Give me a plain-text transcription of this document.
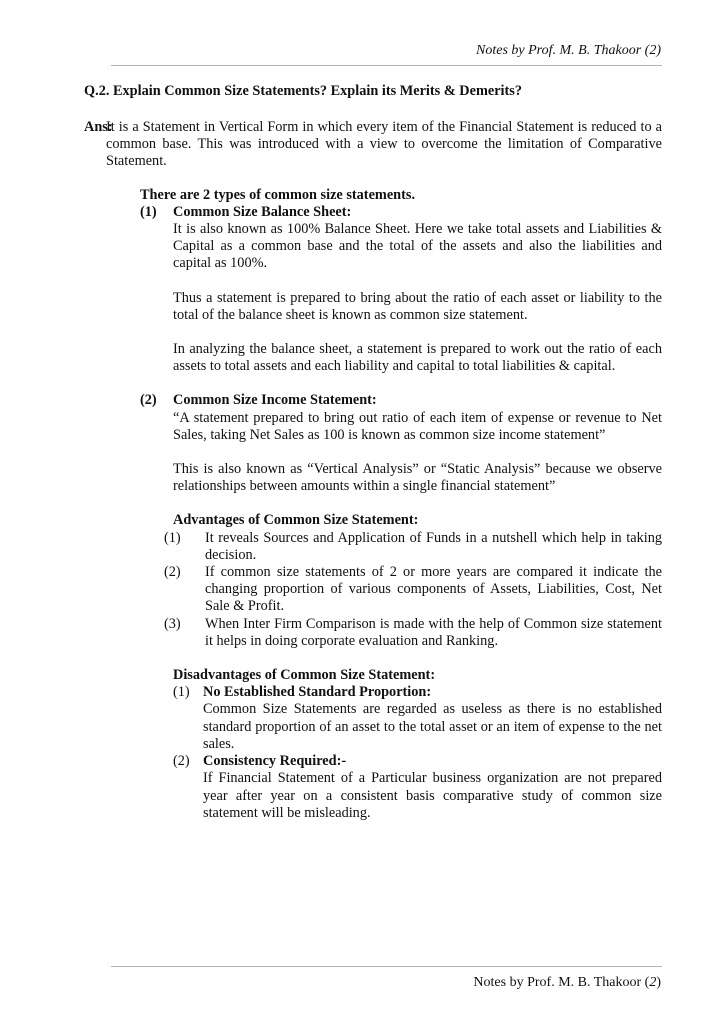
Notes by Prof. M. B. Thakoor (2)
Q.2. Explain Common Size Statements? Explain its Merits & Demerits?
Ans:
It is a Statement in Vertical Form in which every item of the Financial Statement is reduced to a common base. This was introduced with a view to overcome the limitation of Comparative Statement.
There are 2 types of common size statements.
(1)	Common Size Balance Sheet:
It is also known as 100% Balance Sheet. Here we take total assets and Liabilities & Capital as a common base and the total of the assets and also the liabilities and capital as 100%.
Thus a statement is prepared to bring about the ratio of each asset or liability to the total of the balance sheet is known as common size statement.
In analyzing the balance sheet, a statement is prepared to work out the ratio of each assets to total assets and each liability and capital to total liabilities & capital.
(2)	Common Size Income Statement:
“A statement prepared to bring out ratio of each item of expense or revenue to Net Sales, taking Net Sales as 100 is known as common size income statement”
This is also known as “Vertical Analysis” or “Static Analysis” because we observe relationships between amounts within a single financial statement”
Advantages of Common Size Statement:
(1)	It reveals Sources and Application of Funds in a nutshell which help in taking decision.
(2)	If common size statements of 2 or more years are compared it indicate the changing proportion of various components of Assets, Liabilities, Cost, Net Sale & Profit.
(3)	When Inter Firm Comparison is made with the help of Common size statement it helps in doing corporate evaluation and Ranking.
Disadvantages of Common Size Statement:
(1) No Established Standard Proportion:
Common Size Statements are regarded as useless as there is no established standard proportion of an asset to the total asset or an item of expense to the net sales.
(2) Consistency Required:-
If Financial Statement of a Particular business organization are not prepared year after year on a consistent basis comparative study of common size statement will be misleading.
Notes by Prof. M. B. Thakoor (2)
